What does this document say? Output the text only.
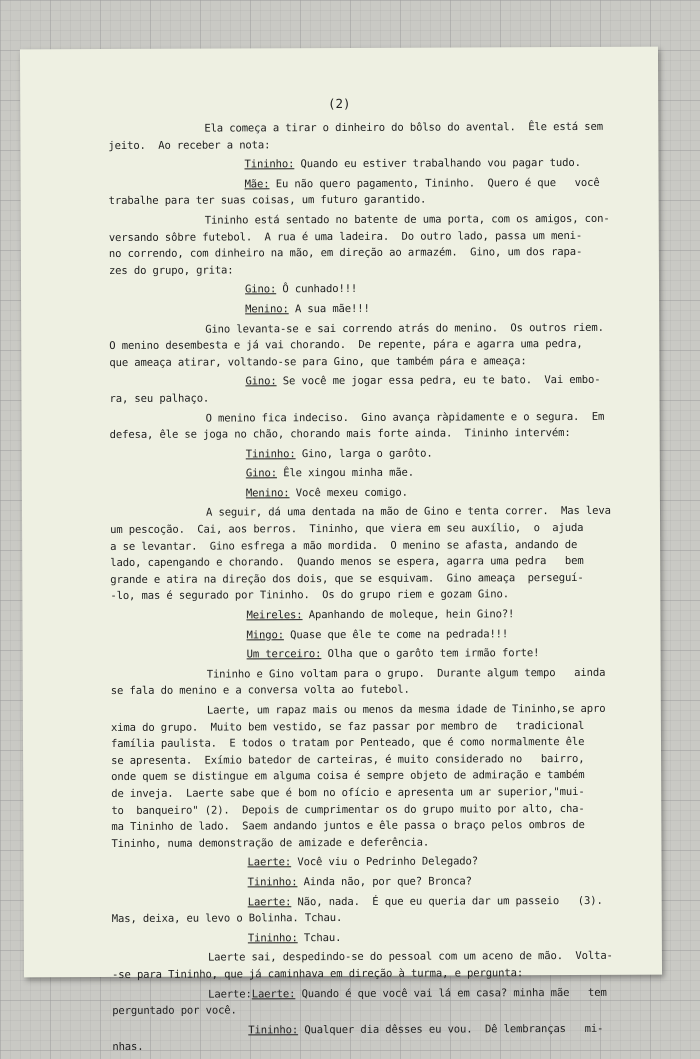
(2)

Ela começa a tirar o dinheiro do bôlso do avental.  Êle está sem

jeito.  Ao receber a nota:

Tininho: Quando eu estiver trabalhando vou pagar tudo.

Mãe: Eu não quero pagamento, Tininho.  Quero é que   você

trabalhe para ter suas coisas, um futuro garantido.

Tininho está sentado no batente de uma porta, com os amigos, con-

versando sôbre futebol.  A rua é uma ladeira.  Do outro lado, passa um meni-

no correndo, com dinheiro na mão, em direção ao armazém.  Gino, um dos rapa-

zes do grupo, grita:

Gino: Ô cunhado!!!

Menino: A sua mãe!!!

Gino levanta-se e sai correndo atrás do menino.  Os outros riem.

O menino desembesta e já vai chorando.  De repente, pára e agarra uma pedra,

que ameaça atirar, voltando-se para Gino, que também pára e ameaça:

Gino: Se você me jogar essa pedra, eu te bato.  Vai embo-

ra, seu palhaço.

O menino fica indeciso.  Gino avança ràpidamente e o segura.  Em

defesa, êle se joga no chão, chorando mais forte ainda.  Tininho intervém:

Tininho: Gino, larga o garôto.

Gino: Êle xingou minha mãe.

Menino: Você mexeu comigo.

A seguir, dá uma dentada na mão de Gino e tenta correr.  Mas leva

um pescoção.  Cai, aos berros.  Tininho, que viera em seu auxílio,  o  ajuda

a se levantar.  Gino esfrega a mão mordida.  O menino se afasta, andando de

lado, capengando e chorando.  Quando menos se espera, agarra uma pedra   bem

grande e atira na direção dos dois, que se esquivam.  Gino ameaça  perseguí-

-lo, mas é segurado por Tininho.  Os do grupo riem e gozam Gino.

Meireles: Apanhando de moleque, hein Gino?!

Mingo: Quase que êle te come na pedrada!!!

Um terceiro: Olha que o garôto tem irmão forte!

Tininho e Gino voltam para o grupo.  Durante algum tempo   ainda

se fala do menino e a conversa volta ao futebol.

Laerte, um rapaz mais ou menos da mesma idade de Tininho,se apro

xima do grupo.  Muito bem vestido, se faz passar por membro de   tradicional

família paulista.  E todos o tratam por Penteado, que é como normalmente êle

se apresenta.  Exímio batedor de carteiras, é muito considerado no   bairro,

onde quem se distingue em alguma coisa é sempre objeto de admiração e também

de inveja.  Laerte sabe que é bom no ofício e apresenta um ar superior,"mui-

to  banqueiro" (2).  Depois de cumprimentar os do grupo muito por alto, cha-

ma Tininho de lado.  Saem andando juntos e êle passa o braço pelos ombros de

Tininho, numa demonstração de amizade e deferência.

Laerte: Você viu o Pedrinho Delegado?

Tininho: Ainda não, por que? Bronca?

Laerte: Não, nada.  É que eu queria dar um passeio   (3).

Mas, deixa, eu levo o Bolinha. Tchau.

Tininho: Tchau.

Laerte sai, despedindo-se do pessoal com um aceno de mão.  Volta-

-se para Tininho, que já caminhava em direção à turma, e pergunta:

Laerte:Laerte: Quando é que você vai lá em casa? minha mãe   tem

perguntado por você.

Tininho: Qualquer dia dêsses eu vou.  Dê lembranças   mi-

nhas.
